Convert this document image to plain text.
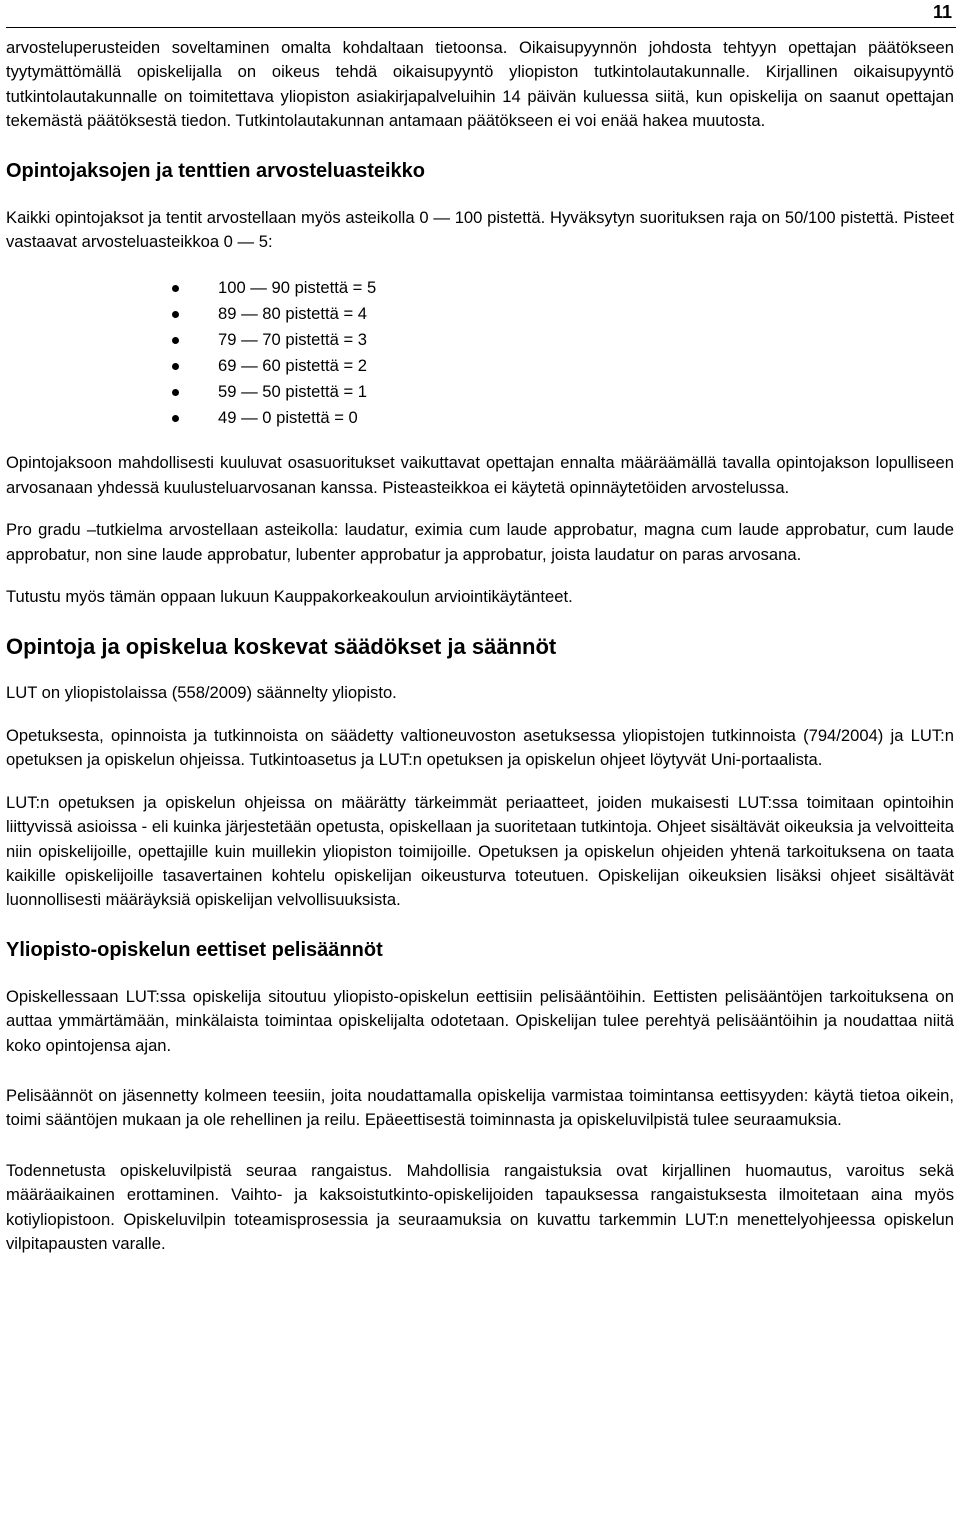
11

arvosteluperusteiden soveltaminen omalta kohdaltaan tietoonsa. Oikaisupyynnön johdosta tehtyyn opettajan päätökseen tyytymättömällä opiskelijalla on oikeus tehdä oikaisupyyntö yliopiston tutkintolautakunnalle. Kirjallinen oikaisupyyntö tutkintolautakunnalle on toimitettava yliopiston asiakirjapalveluihin 14 päivän kuluessa siitä, kun opiskelija on saanut opettajan tekemästä päätöksestä tiedon. Tutkintolautakunnan antamaan päätökseen ei voi enää hakea muutosta.

Opintojaksojen ja tenttien arvosteluasteikko

Kaikki opintojaksot ja tentit arvostellaan myös asteikolla 0 — 100 pistettä. Hyväksytyn suorituksen raja on 50/100 pistettä. Pisteet vastaavat arvosteluasteikkoa 0 — 5:

100 — 90 pistettä = 5
89 — 80 pistettä = 4
79 — 70 pistettä = 3
69 — 60 pistettä = 2
59 — 50 pistettä = 1
49 — 0 pistettä = 0

Opintojaksoon mahdollisesti kuuluvat osasuoritukset vaikuttavat opettajan ennalta määräämällä tavalla opintojakson lopulliseen arvosanaan yhdessä kuulusteluarvosanan kanssa. Pisteasteikkoa ei käytetä opinnäytetöiden arvostelussa.

Pro gradu –tutkielma arvostellaan asteikolla: laudatur, eximia cum laude approbatur, magna cum laude approbatur, cum laude approbatur, non sine laude approbatur, lubenter approbatur ja approbatur, joista laudatur on paras arvosana.

Tutustu myös tämän oppaan lukuun Kauppakorkeakoulun arviointikäytänteet.

Opintoja ja opiskelua koskevat säädökset ja säännöt

LUT on yliopistolaissa (558/2009) säännelty yliopisto.

Opetuksesta, opinnoista ja tutkinnoista on säädetty valtioneuvoston asetuksessa yliopistojen tutkinnoista (794/2004) ja LUT:n opetuksen ja opiskelun ohjeissa. Tutkintoasetus ja LUT:n opetuksen ja opiskelun ohjeet löytyvät Uni-portaalista.

LUT:n opetuksen ja opiskelun ohjeissa on määrätty tärkeimmät periaatteet, joiden mukaisesti LUT:ssa toimitaan opintoihin liittyvissä asioissa - eli kuinka järjestetään opetusta, opiskellaan ja suoritetaan tutkintoja. Ohjeet sisältävät oikeuksia ja velvoitteita niin opiskelijoille, opettajille kuin muillekin yliopiston toimijoille. Opetuksen ja opiskelun ohjeiden yhtenä tarkoituksena on taata kaikille opiskelijoille tasavertainen kohtelu opiskelijan oikeusturva toteutuen. Opiskelijan oikeuksien lisäksi ohjeet sisältävät luonnollisesti määräyksiä opiskelijan velvollisuuksista.

Yliopisto-opiskelun eettiset pelisäännöt

Opiskellessaan LUT:ssa opiskelija sitoutuu yliopisto-opiskelun eettisiin pelisääntöihin. Eettisten pelisääntöjen tarkoituksena on auttaa ymmärtämään, minkälaista toimintaa opiskelijalta odotetaan. Opiskelijan tulee perehtyä pelisääntöihin ja noudattaa niitä koko opintojensa ajan.

Pelisäännöt on jäsennetty kolmeen teesiin, joita noudattamalla opiskelija varmistaa toimintansa eettisyyden: käytä tietoa oikein, toimi sääntöjen mukaan ja ole rehellinen ja reilu. Epäeettisestä toiminnasta ja opiskeluvilpistä tulee seuraamuksia.

Todennetusta opiskeluvilpistä seuraa rangaistus. Mahdollisia rangaistuksia ovat kirjallinen huomautus, varoitus sekä määräaikainen erottaminen. Vaihto- ja kaksoistutkinto-opiskelijoiden tapauksessa rangaistuksesta ilmoitetaan aina myös kotiyliopistoon. Opiskeluvilpin toteamisprosessia ja seuraamuksia on kuvattu tarkemmin LUT:n menettelyohjeessa opiskelun vilpitapausten varalle.
